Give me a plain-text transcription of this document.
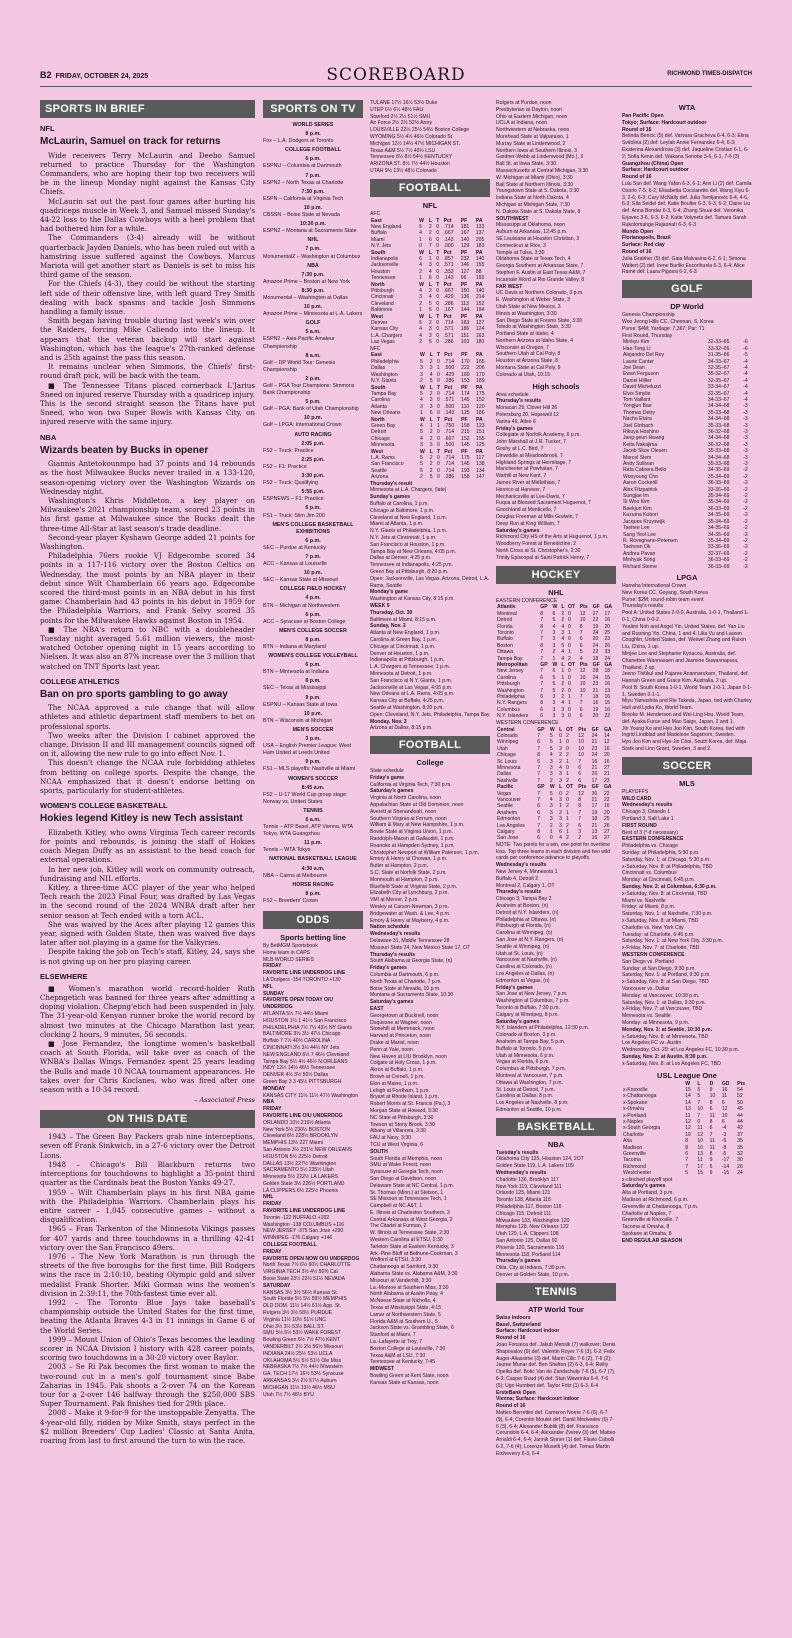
B2 FRIDAY, OCTOBER 24, 2025	SCOREBOARD	RICHMOND TIMES-DISPATCH
SPORTS IN BRIEF
NFL
McLaurin, Samuel on track for returns

Wide receivers Terry McLaurin and Deebo Samuel returned to practice Thursday for the Washington Commanders, who are hoping their top two receivers will be in the lineup Monday night against the Kansas City Chiefs.

McLaurin sat out the past four games after hurting his quadriceps muscle in Week 3, and Samuel missed Sunday's 44-22 loss to the Dallas Cowboys with a heel problem that had bothered him for a while.

The Commanders (3-4) already will be without quarterback Jayden Daniels, who has been ruled out with a hamstring issue suffered against the Cowboys. Marcus Mariota will get another start as Daniels is set to miss his third game of the season.

For the Chiefs (4-3), they could be without the starting left side of their offensive line, with left guard Trey Smith dealing with back spasms and tackle Josh Simmons handling a family issue.

Smith began having trouble during last week's win over the Raiders, forcing Mike Caliendo into the lineup. It appears that the veteran backup will start against Washington, which has the league's 27th-ranked defense and is 25th against the pass this season.

It remains unclear when Simmons, the Chiefs' first-round draft pick, will be back with the team.

■ The Tennessee Titans placed cornerback L'Jarius Sneed on injured reserve Thursday with a quadricep injury. This is the second straight season the Titans have put Sneed, who won two Super Bowls with Kansas City, on injured reserve with the same injury.

NBA
Wizards beaten by Bucks in opener

Giannis Antetokounmpo had 37 points and 14 rebounds as the host Milwaukee Bucks never trailed in a 133-120, season-opening victory over the Washington Wizards on Wednesday night.

Washington's Khris Middleton, a key player on Milwaukee's 2021 championship team, scored 23 points in his first game at Milwaukee since the Bucks dealt the three-time All-Star at last season's trade deadline.

Second-year player Kyshawn George added 21 points for Washington.

Philadelphia 76ers rookie VJ Edgecombe scored 34 points in a 117-116 victory over the Boston Celtics on Wednesday, the most points by an NBA player in their debut since Wilt Chamberlain 66 years ago. Edgecombe scored the third-most points in an NBA debut in his first game: Chamberlain had 43 points in his debut in 1959 for the Philadelphia Warriors, and Frank Selvy scored 35 points for the Milwaukee Hawks against Boston in 1954.

■ The NBA's return to NBC with a doubleheader Tuesday night averaged 5.61 million viewers, the most-watched October opening night in 15 years according to Nielsen. It was also an 87% increase over the 3 million that watched on TNT Sports last year.

COLLEGE ATHLETICS
Ban on pro sports gambling to go away

The NCAA approved a rule change that will allow athletes and athletic department staff members to bet on professional sports.

Two weeks after the Division I cabinet approved the change, Division II and III management councils signed off on it, allowing the new rule to go into effect Nov. 1.

This doesn't change the NCAA rule forbidding athletes from betting on college sports. Despite the change, the NCAA emphasized that it doesn't endorse betting on sports, particularly for student-athletes.

WOMEN'S COLLEGE BASKETBALL
Hokies legend Kitley is new Tech assistant

Elizabeth Kitley, who owns Virginia Tech career records for points and rebounds, is joining the staff of Hokies coach Megan Duffy as an assistant to the head coach for external operations.

In her new job, Kitley will work on community outreach, fundraising and NIL efforts.

Kitley, a three-time ACC player of the year who helped Tech reach the 2023 Final Four, was drafted by Las Vegas in the second round of the 2024 WNBA draft after her senior season at Tech ended with a torn ACL.

She was waived by the Aces after playing 12 games this year, signed with Golden State, then was waived five days later after not playing in a game for the Valkyries.

Despite taking the job on Tech's staff, Kitley, 24, says she is not giving up on her pro playing career.

ELSEWHERE

■ Women's marathon world record-holder Ruth Chepngetich was banned for three years after admitting a doping violation. Chepng'etich had been suspended in July. The 31-year-old Kenyan runner broke the world record by almost two minutes at the Chicago Marathon last year, clocking 2 hours, 9 minutes, 56 seconds.

■ Jose Fernandez, the longtime women's basketball coach at South Florida, will take over as coach of the WNBA's Dallas Wings. Fernandez spent 25 years leading the Bulls and made 10 NCAA tournament appearances. He takes over for Chris Koclanes, who was fired after one season with a 10-34 record.

– Associated Press
ON THIS DATE

1943 – The Green Bay Packers grab nine interceptions, seven off Frank Sinkwich, in a 27-6 victory over the Detroit Lions.

1948 – Chicago's Bill Blackburn returns two interceptions for touchdowns to highlight a 35-point third quarter as the Cardinals beat the Boston Yanks 49-27.

1959 – Wilt Chamberlain plays in his first NBA game with the Philadelphia Warriors. Chamberlain plays his entire career – 1,045 consecutive games – without a disqualification.

1965 – Fran Tarkenton of the Minnesota Vikings passes for 407 yards and three touchdowns in a thrilling 42-41 victory over the San Francisco 49ers.

1976 – The New York Marathon is run through the streets of the five boroughs for the first time. Bill Rodgers wins the race in 2:10:10, beating Olympic gold and silver medalist Frank Shorter. Miki Gorman wins the women's division in 2:39:11, the 70th-fastest time ever all.

1992 – The Toronto Blue Jays take baseball's championship outside the United States for the first time, beating the Atlanta Braves 4-3 in 11 innings in Game 6 of the World Series.

1999 – Mount Union of Ohio's Texas becomes the leading scorer in NCAA Division I history with 428 career points, scoring two touchdowns in a 30-20 victory over Baylor.

2003 – Se Ri Pak becomes the first woman to make the two-round cut in a men's golf tournament since Babe Zaharias in 1945. Pak shoots a 2-over 74 on the Korean tour for a 2-over 146 halfway through the $250,000 SBS Super Tournament. Pak finishes tied for 29th place.

2008 – Make it 9-for-9 for the unstoppable Zenyatta. The 4-year-old filly, ridden by Mike Smith, stays perfect in the $2 million Breeders' Cup Ladies' Classic at Santa Anita, roaring from last to first around the turn to win the race.

SPORTS ON TV
WORLD SERIES
8 p.m.
Fox – L.A. Dodgers at Toronto
COLLEGE FOOTBALL
6 p.m.
ESPNU – Columbia at Dartmouth
7 p.m.
ESPN2 – North Texas at Charlotte
7:30 p.m.
ESPN – California at Virginia Tech
10 p.m.
CBSSN – Boise State at Nevada
10:30 p.m.
ESPN2 – Montana at Sacramento State
NHL
7 p.m.
MonumentalZ – Washington at Columbus
NBA
7:30 p.m.
Amazon Prime – Boston at New York
8:30 p.m.
Monumental – Washington at Dallas
10 p.m.
Amazon Prime – Minnesota at L.A. Lakers
GOLF
5 a.m.
ESPN2 – Asia-Pacific Amateur Championship
8 a.m.
Golf – DP World Tour: Genesis Championship
2 p.m.
Golf – PGA Tour Champions: Simmons Bank Championship
5 p.m.
Golf – PGA: Bank of Utah Championship
10 p.m.
Golf – LPGA: International Crown
AUTO RACING
2:05 p.m.
FS2 – Truck: Practice
2:25 p.m.
FS2 – F1: Practice
3:30 p.m.
FS2 – Truck: Qualifying
5:55 p.m.
ESPNEWS – F1: Practice
6 p.m.
FS1 – Truck: Slim Jim 200
MEN'S COLLEGE BASKETBALL EXHIBITIONS
6 p.m.
SEC – Purdue at Kentucky
7 p.m.
ACC – Kansas at Louisville
10 p.m.
SEC – Kansas State at Missouri
COLLEGE FIELD HOCKEY
4 p.m.
BTN – Michigan at Northwestern
6 p.m.
ACC – Syracuse at Boston College
MEN'S COLLEGE SOCCER
8 p.m.
BTN – Indiana at Maryland
WOMEN'S COLLEGE VOLLEYBALL
6 p.m.
BTN – Minnesota at Indiana
8 p.m.
SEC – Texas at Mississippi
9 p.m.
ESPNU – Kansas State at Iowa
10 p.m.
BTN – Wisconsin at Michigan
MEN'S SOCCER
3 p.m.
USA – English Premier League: West Ham United at Leeds United
9 p.m.
FS1 – MLS playoffs: Nashville at Miami
WOMEN'S SOCCER
8:45 a.m.
FS2 – U-17 World Cup group stage: Norway vs. United States
TENNIS
6 a.m.
Tennis – ATP Basel, ATP Vienna, WTA Tokyo, WTA Guangzhou
11 p.m.
Tennis – WTA Tokyo
NATIONAL BASKETBALL LEAGUE
4:30 a.m.
NBA – Cairns at Melbourne
HORSE RACING
8 p.m.
FS2 – Breeders' Crown
ODDS
Sports betting line
By BetMGM Sportsbook
Home team in CAPS
MLB WORLD SERIES
FRIDAY
FAVORITE LINE UNDERDOG LINE
LA Dodgers -154 TORONTO +130
NFL
SUNDAY
FAVORITE OPEN TODAY O/U UNDERDOG
ATLANTA 5½ 7½ 44½ Miami
HOUSTON 1½ 1 41½ San Francisco
PHILADELPHIA 7½ 7½ 43½ NY Giants
BALTIMORE 3½ 3½ 47½ Chicago
Buffalo 7 7½ 40½ CAROLINA
CINCINNATI 3½ 3½ 44½ NY Jets
NEW ENGLAND 6½ 7 46½ Cleveland
Tampa Bay 5½ 4½ 46½ N.ORLEANS
INDY 12½ 14½ 46½ Tennessee
DENVER 4½ 3½ 50½ Dallas
Green Bay 3 3 45½ PITTSBURGH
MONDAY
KANSAS CITY 11½ 11½ 47½ Washington
NBA
FRIDAY
FAVORITE LINE O/U UNDERDOG
ORLANDO 10½ 219½ Atlanta
New York 5½ 230½ BOSTON
Cleveland 6½ 228½ BROOKLYN
MEMPHIS 13½ 227 Miami
San Antonio 3½ 231½ NEW ORLEANS
HOUSTON 5½ 225½ Detroit
DALLAS 13½ 227½ Washington
SACRAMENTO 5½ 235½ Utah
Minnesota 5½ 222½ LA LAKERS
Golden State 3½ 226½ PORTLAND
LA CLIPPERS 6½ 225½ Phoenix
NHL
FRIDAY
FAVORITE LINE UNDERDOG LINE
Toronto -122 BUFFALO +102
Washington -138 COLUMBUS +116
NEW JERSEY -375 San Jose +290
WINNIPEG -176 Calgary +146
COLLEGE FOOTBALL
FRIDAY
FAVORITE OPEN NOW O/U UNDERDOG
North Texas 7½ 6½ 60½ CHARLOTTE
VIRGINIA TECH 3½ 4½ 50½ Cal
Boise State 23½ 23½ 51½ NEVADA
SATURDAY
KANSAS 3½ 3½ 56½ Kansas St.
South Florida 5½ 5½ 59½ MEMPHIS
OLD DOM. 11½ 14½ 61½ App. St.
Rutgers 3½ 3½ 58½ PURDUE
Virginia 11½ 10½ 51½ UNC
Ohio 3½ 3½ 53½ BALL ST.
SMU 5½ 5½ 53½ WAKE FOREST
Bowling Green 6½ 7½ 47½ KENT
VANDERBILT 2½ 2½ 56½ Missouri
INDIANA 24½ 25½ 53½ UCLA
OKLAHOMA 5½ 5½ 51½ Ole Miss
NEBRASKA 7½ 7½ 44½ N'western
GA. TECH 17½ 16½ 53½ Syracuse
ARKANSAS 3½ 2½ 57½ Auburn
MICHIGAN 11½ 13½ 46½ MSU
Utah 7½ 7½ 48½ BYU
TULANE 17½ 16½ 53½ Duke
UTEP 6½ 6½ 48½ FAU
Stanford 2½ 2½ 51½ SMU
Air Force 2½ 2½ 52½ Army
LOUISVILLE 22½ 25½ 54½ Boston College
WYOMING 5½ 4½ 46½ Colorado St.
Michigan 12½ 14½ 47½ MICHIGAN ST.
Texas A&M 5½ 7½ 49½ LSU
Tennessee 8½ 8½ 54½ KENTUCKY
ARIZONA ST. 8½ 7½ 44½ Houston
UTAH 9½ 13½ 48½ Colorado
FOOTBALL
NFL
AFC
East	W	L	T	Pct	PF	PA
New England	5	2	0	.714	181	133
Buffalo	4	2	0	.667	167	137
Miami	1	6	0	.143	140	205
N.Y. Jets	0	7	0	.000	129	183
South	W	L	T	Pct	PF	PA
Indianapolis	6	1	0	.857	232	140
Jacksonville	4	3	0	.571	146	155
Houston	2	4	0	.333	127	88
Tennessee	1	6	0	.143	96	192
North	W	L	T	Pct	PF	PA
Pittsburgh	4	2	0	.667	150	140
Cincinnati	3	4	0	.429	136	214
Cleveland	2	5	0	.286	113	152
Baltimore	1	5	0	.167	144	194
West	W	L	T	Pct	PF	PA
Denver	5	2	0	.714	163	127
Kansas City	4	3	0	.571	186	124
L.A. Chargers	4	3	0	.571	151	163
Las Vegas	2	5	0	.286	103	180
NFC
East	W	L	T	Pct	PF	PA
Philadelphia	5	2	0	.714	170	165
Dallas	3	3	1	.500	222	206
Washington	3	4	0	.429	180	170
N.Y. Giants	2	5	0	.286	153	189
South	W	L	T	Pct	PF	PA
Tampa Bay	5	2	0	.714	174	175
Carolina	4	3	0	.571	145	152
Atlanta	3	3	0	.500	110	120
New Orleans	1	6	0	.143	125	186
North	W	L	T	Pct	PF	PA
Green Bay	4	1	1	.750	158	123
Detroit	5	2	0	.714	215	151
Chicago	4	2	0	.667	152	155
Minnesota	3	3	0	.500	145	125
West	W	L	T	Pct	PF	PA
L.A. Rams	5	2	0	.714	175	117
San Francisco	5	2	0	.714	145	138
Seattle	5	2	0	.714	193	134
Arizona	2	5	0	.286	158	147
Thursday's result
Minnesota at L.A. Chargers, (late)
Sunday's games
Buffalo at Carolina, 1 p.m.
Chicago at Baltimore, 1 p.m.
Cleveland at New England, 1 p.m.
Miami at Atlanta, 1 p.m.
N.Y. Giants at Philadelphia, 1 p.m.
N.Y. Jets at Cincinnati, 1 p.m.
San Francisco at Houston, 1 p.m.
Tampa Bay at New Orleans, 4:05 p.m.
Dallas at Denver, 4:25 p.m.
Tennessee at Indianapolis, 4:25 p.m.
Green Bay at Pittsburgh, 8:20 p.m.
Open: Jacksonville, Las Vegas, Arizona, Detroit, L.A. Rams, Seattle
Monday's game
Washington at Kansas City, 8:15 p.m.
WEEK 9
Thursday, Oct. 30
Baltimore at Miami, 8:15 p.m.
Sunday, Nov. 2
Atlanta at New England, 1 p.m.
Carolina at Green Bay, 1 p.m.
Chicago at Cincinnati, 1 p.m.
Denver at Houston, 1 p.m.
Indianapolis at Pittsburgh, 1 p.m.
L.A. Chargers at Tennessee, 1 p.m.
Minnesota at Detroit, 1 p.m.
San Francisco at N.Y. Giants, 1 p.m.
Jacksonville at Las Vegas, 4:05 p.m.
New Orleans at L.A. Rams, 4:05 p.m.
Kansas City at Buffalo, 4:25 p.m.
Seattle at Washington, 8:20 p.m.
Open: Cleveland, N.Y. Jets, Philadelphia, Tampa Bay
Monday, Nov. 3
Arizona at Dallas, 8:15 p.m.
FOOTBALL
College
State schedule
Friday's game
California at Virginia Tech, 7:30 p.m.
Saturday's games
Virginia at North Carolina, noon
Appalachian State at Old Dominion, noon
Averett at Shenandoah, noon
Southern Virginia at Ferrum, noon
William & Mary at New Hampshire, 1 p.m.
Bowie State at Virginia Union, 1 p.m.
Randolph-Macon at Gallaudet, 1 p.m.
Roanoke at Hampden-Sydney, 1 p.m.
Christopher Newport at William Paterson, 1 p.m.
Emory & Henry at Chowan, 1 p.m.
Butler at Hampton, 2 p.m.
S.C. State at Norfolk State, 2 p.m.
Monmouth at Hampton, 2 p.m.
Bluefield State at Virginia State, 2 p.m.
Elizabeth City at Lynchburg, 2 p.m.
VMI at Mercer, 2 p.m.
Wesley at Carson-Newman, 3 p.m.
Bridgewater at Wash. & Lee, 4 p.m.
Emory & Henry at Mayberry, 4 p.m.
Nation schedule
Wednesday's results
Delaware 31, Middle Tennessee 28
Missouri State 24, New Mexico State 17, OT
Thursday's results
South Alabama at Georgia State, (n)
Friday's games
Columbia at Dartmouth, 6 p.m.
North Texas at Charlotte, 7 p.m.
Boise State at Nevada, 10 p.m.
Montana at Sacramento State, 10:30
Saturday's games
EAST
Georgetown at Bucknell, noon
Duquesne at Wagner, noon
Stonehill at Merrimack, noon
Harvard at Princeton, noon
Drake at Marist, noon
Penn at Yale, noon
New Haven at LIU Brooklyn, noon
Colgate at Holy Cross, 1 p.m.
Akron at Buffalo, 1 p.m.
Brown at Cornell, 1 p.m.
Elon at Maine, 1 p.m.
Lehigh at Fordham, 1 p.m.
Bryant at Rhode Island, 1 p.m.
Robert Morris at St. Francis (Pa.), 3
Morgan State at Howard, 3:30
NC State at Pittsburgh, 3:30
Towson at Stony Brook, 3:30
Albany at Villanova, 3:30
FAU at Navy, 3:30
TCU at West Virginia, 6
SOUTH
South Florida at Memphis, noon
SMU at Wake Forest, noon
Syracuse at Georgia Tech, noon
San Diego at Davidson, noon
Delaware State at NC Central, 1 p.m.
St. Thomas (Minn.) at Stetson, 1
SE Missouri at Tennessee Tech, 1
Campbell at NC A&T, 1
E. Illinois at Charleston Southern, 2
Central Arkansas at West Georgia, 2
The Citadel at Furman, 2
W. Illinois at Tennessee State, 2:30
Western Carolina at ETSU, 2:30
Tarleton State at Eastern Kentucky, 3
Ark.-Pine Bluff at Bethune-Cookman, 3
Wofford at ETSU, 3:30
Chattanooga at Samford, 3:30
Alabama State vs. Alabama A&M, 3:30
Missouri at Vanderbilt, 3:30
La.-Monroe at Southern Miss, 3:30
North Alabama at Austin Peay, 4
McNeese State at Nicholls, 4
Texas at Mississippi State, 4:15
Lamar at Northwestern State, 5
Florida A&M at Southern U., 5
Jackson State vs. Grambling State, 6
Stanford at Miami, 7
La.-Lafayette at Troy, 7
Boston College at Louisville, 7:30
Texas A&M at LSU, 7:30
Tennessee at Kentucky, 7:45
MIDWEST
Bowling Green at Kent State, noon
Kansas State at Kansas, noon
Rutgers at Purdue, noon
Presbyterian at Dayton, noon
Ohio at Eastern Michigan, noon
UCLA at Indiana, noon
Northwestern at Nebraska, noon
Morehead State at Valparaiso, 1
Murray State at Lindenwood, 2
Northern Iowa at Southern Illinois, 3
Gardner-Webb at Lindenwood (Mo.), 3
Ball St. at Iowa State, 3:30
Massachusetts at Central Michigan, 3:30
W. Michigan at Miami (Ohio), 3:30
Ball State at Northern Illinois, 3:30
Youngstown State at S. Dakota, 3:30
Indiana State at North Dakota, 4
Michigan at Michigan State, 7:30
N. Dakota State at S. Dakota State, 8
SOUTHWEST
Mississippi at Oklahoma, noon
Auburn at Arkansas, 12:45 p.m.
SE Louisiana at Houston Christian, 3
Connecticut at Rice, 3
Temple at Tulsa, 3:30
Oklahoma State at Texas Tech, 4
Georgia Southern at Arkansas State, 7
Stephen F. Austin at East Texas A&M, 7
Incarnate Word at Rio Grande Valley, 8
FAR WEST
UC Davis at Northern Colorado, 3 p.m.
E. Washington at Weber State, 3
Utah State at New Mexico, 3
Illinois at Washington, 3:30
San Diego State at Fresno State, 3:30
Toledo at Washington State, 3:30
Portland State at Idaho, 4
Northern Arizona at Idaho State, 4
Wisconsin at Oregon, 7
Southern Utah at Cal Poly, 8
Houston at Arizona State, 8
Montana State at Cal Poly, 9
Colorado at Utah, 10:15
High schools
Area schedule
Thursday's results
Monacan 29, Clover Hill 26
Petersburg 20, Hopewell 12
Varina 49, Atlee 6
Friday's games
Collegiate at Norfolk Academy, 6 p.m.
John Marshall at J.R. Tucker, 7
Goshy at L.C. Bird, 7
Dinwiddie at Meadowbrook, 7
Highland Springs at Hermitage, 7
Manchester at Powhatan, 7
Warhill at New Kent, 7
James River at Midlothian, 7
Henrico at Hanover, 7
Mechanicsville at Lee-Davis, 7
Fuqua at Blessed Sacrament Huguenot, 7
Goochland at Monticello, 7
Douglas Freeman at Mills Godwin, 7
Deep Run at King William, 7
Saturday's games
Richmond City HS of the Arts at Huguenot, 1 p.m.
Woodberry Forest at Benedictine, 2
North Cross at St. Christopher's, 2:30
Trinity Episcopal at Saint Patrick Henry, 7
HOCKEY
NHL
EASTERN CONFERENCE
Atlantic	GP	W	L	OT	Pts	GF	GA
Montreal	8	6	2	0	12	27	17
Detroit	7	5	2	0	10	22	16
Florida	8	4	4	0	8	19	20
Toronto	7	3	3	1	7	24	25
Buffalo	7	3	4	0	6	20	23
Boston	8	3	5	0	6	24	26
Ottawa	7	2	4	1	5	22	33
Tampa Bay	7	1	4	2	4	18	24
Metropolitan	GP	W	L	OT	Pts	GF	GA
New Jersey	7	6	1	0	12	28	18
Carolina	6	5	1	0	10	24	15
Pittsburgh	7	5	2	0	10	23	16
Washington	7	5	2	0	10	21	13
Philadelphia	6	3	2	1	7	18	16
N.Y. Rangers	8	3	4	1	7	16	15
Columbus	6	3	3	0	6	19	16
N.Y. Islanders	6	3	3	0	6	20	22
WESTERN CONFERENCE
Central	GP	W	L	OT	Pts	GF	GA
Colorado	7	5	0	2	12	24	14
Winnipeg	6	5	1	0	10	21	12
Utah	7	5	2	0	10	23	16
Chicago	8	4	2	2	10	24	20
St. Louis	6	3	2	1	7	16	16
Minnesota	7	3	4	0	6	21	27
Dallas	7	3	3	1	6	20	21
Nashville	7	2	3	2	6	17	23
Pacific	GP	W	L	OT	Pts	GF	GA
Vegas	7	5	0	2	12	30	22
Vancouver	7	4	3	0	8	21	22
Seattle	6	3	1	2	8	17	16
Anaheim	6	3	2	1	7	19	20
Edmonton	7	3	3	1	7	18	25
Los Angeles	7	2	3	2	6	21	26
Calgary	8	1	6	1	3	13	27
San Jose	6	0	4	2	2	16	27
NOTE: Two points for a win, one point for overtime loss. Top three teams in each division and two wild cards per conference advance to playoffs.
Wednesday's results
New Jersey 4, Minnesota 1
Buffalo 4, Detroit 2
Montreal 2, Calgary 1, OT
Thursday's results
Chicago 3, Tampa Bay 2
Anaheim at Boston, (n)
Detroit at N.Y. Islanders, (n)
Philadelphia at Ottawa, (n)
Pittsburgh at Florida, (n)
Carolina at Winnipeg, (n)
San Jose at N.Y. Rangers, (n)
Seattle at Winnipeg, (n)
Utah at St. Louis, (n)
Vancouver at Nashville, (n)
Carolina at Colorado, (n)
Los Angeles at Dallas, (n)
Edmonton at Vegas, (n)
Friday's games
San Jose at New Jersey, 7 p.m.
Washington at Columbus, 7 p.m.
Toronto at Buffalo, 7:30 p.m.
Calgary at Winnipeg, 8 p.m.
Saturday's games
N.Y. Islanders at Philadelphia, 12:30 p.m.
Colorado at Boston, 3 p.m.
Anaheim at Tampa Bay, 5 p.m.
Buffalo at Toronto, 5 p.m.
Utah at Minnesota, 6 p.m.
Vegas at Florida, 6 p.m.
Columbus at Pittsburgh, 7 p.m.
Montreal at Vancouver, 7 p.m.
Ottawa at Washington, 7 p.m.
St. Louis at Detroit, 7 p.m.
Carolina at Dallas, 8 p.m.
Los Angeles at Nashville, 8 p.m.
Edmonton at Seattle, 10 p.m.
BASKETBALL
NBA
Tuesday's results
Oklahoma City 125, Houston 124, 2OT
Golden State 119, L.A. Lakers 109
Wednesday's results
Charlotte 136, Brooklyn 117
New York 119, Cleveland 111
Orlando 125, Miami 121
Toronto 138, Atlanta 118
Philadelphia 117, Boston 116
Chicago 115, Detroit 111
Milwaukee 133, Washington 120
Memphis 128, New Orleans 122
Utah 129, L.A. Clippers 108
San Antonio 125, Dallas 92
Phoenix 120, Sacramento 116
Minnesota 118, Portland 114
Thursday's games
Okla. City at Indiana, 7:30 p.m.
Denver at Golden State, 10 p.m.
TENNIS
ATP World Tour
Swiss Indoors
Basel, Switzerland
Surface: Hardcourt indoor
Round of 16
Joao Fonseca def. Jakub Mensik (7) walkover; Denis Shapovalov (9) def. Valentin Royer 7-6 (3), 6-2; Felix Auger-Aliassime (3) def. Marin Cilic 7-6 (2), 7-6 (2); Jaume Munar def. Ben Shelton (2) 6-3, 6-4; Reilly Opelka def. Botic Van de Zandschulp 7-6 (5), 6-7 (7), 6-3; Casper Ruud (4) def. Stan Wawrinka 6-4, 7-6 (5); Ugo Humbert def. Taylor Fritz (1) 6-3, 6-4
ErsteBank Open
Vienna; Surface: Hardcourt indoor
Round of 16
Matteo Berrettini def. Cameron Norrie 7-6 (6), 6-7 (9), 6-4; Corentin Moutet def. Daniil Medvedev (6) 7-6 (3), 6-4; Alexander Bublik (8) def. Francisco Cerundolo 6-4, 6-4; Alexander Zverev (3) def. Matteo Arnaldi 6-4, 6-4; Jannik Sinner (1) def. Flavio Cobolli 6-2, 7-6 (4); Lorenzo Musetti (4) def. Tomas Martin Etcheverry 6-3, 6-4
WTA
Pan Pacific Open
Tokyo; Surface: Hardcourt outdoor
Round of 16
Belinda Bencic (5) def. Varvara Gracheva 6-4, 6-3; Elina Svitolina (2) def. Leylah Annie Fernandez 6-4, 6-3; Ekaterina Alexandrova (3) def. Jaqueline Cristian 6-1, 6-2; Sofia Kenin def. Wakana Sonobe 3-6, 6-1, 7-6 (3)
Guangzhou (China) Open
Surface: Hardcourt outdoor
Round of 16
Lulu Sun def. Wang Yafan 6-3, 6-1; Ann Li (2) def. Camila Osorio 7-5, 6-2; Elisabetta Cocciaretto def. Wang Xiyu 6-3, 2-6, 6-3; Cary McNally def. Julia Tomljanovic 6-4, 4-6, 6-3; Ella Seidel def. Katie Boulter 6-3, 6-3, 6-2; Claire Liu def. Anna Bondar 6-3, 6-4; Zhang Shuai def. Veronika Erjavec 3-6, 6-3, 6-2; Katie Volynets def. Tamara Sarah Rakotomanga Rajaonah 6-3, 6-3
Mundo Open
Florianopolis, Brazil
Surface: Red clay
Round of 16
Julia Grabher (5) def. Gaia Malvasina 6-2, 6-1; Simona Waltert (2) def. Irene Burillo Escorihuela 6-3, 6-4; Alice Ramé def. Laura Pigossi 6-2, 6-3
GOLF
DP World
Genesis Championship
Woo Jeong Hills CC, Cheonan, S. Korea
Purse: $4M; Yardage: 7,367; Par: 71
First Round, Thursday
Minkyu Kim	32-33–65	-6
Hao-Tong Li	33-32–65	-6
Alejandro Del Rey	31-35–66	-5
Laurie Canter	34-33–67	-4
Joe Dean	32-35–67	-4
Ewen Ferguson	35-32–67	-4
Daniel Hillier	32-35–67	-4
David Micheluzzi	33-34–67	-4
Elvis Smylie	32-35–67	-4
Tom Vaillant	34-33–67	-4
Yongjun Bae	34-34–68	-3
Thomas Detry	35-33–68	-3
Nacho Elvira	34-34–68	-3
Joel Girrbach	35-33–68	-3
Rikuya Hoshino	36-32–68	-3
Jang-geun Hwang	34-34–68	-3
Keita Nakajima	36-32–68	-3
Jacob Skov Olesen	35-33–68	-3
Marcel Siem	34-34–68	-3
Andy Sullivan	35-33–68	-3
Rafa Cabrera Bello	34-35–69	-2
Wooyoung Cho	35-34–69	-2
Aaron Cockerill	36-33–69	-2
Alex Fitzpatrick	33-36–69	-2
Sungjae Im	35-34–69	-2
Si Woo Kim	35-34–69	-2
Baekjun Kim	36-33–69	-2
Kazuma Kobori	34-35–69	-2
Jacques Kruyswijk	35-34–69	-2
Taehee Lee	34-35–69	-2
Sang Yeol Lee	34-35–69	-2
R. Rovegnano-Petersen	35-34–69	-2
Taehoon Ok	33-36–69	-2
Andrea Pavan	32-37–69	-2
Minhyuk Song	36-33–69	-2
Richard Sterne	36-33–69	-2
LPGA
Hanwha International Crown
New Korea CC, Goyang, South Korea
Purse: $2M; round-robin team event
Thursday's results
Pool A: United States 2-0-0, Australia, 1-0-1, Thailand 1-0-1, China 0-0-2.
Yealimi Noh and Angel Yin, United States, def. Yan Liu and Ruoning Yin, China, 1 and 4. Lilia Vu and Lauren Coughlin, United States, def. Weiwei Zhang and Ruixin Liu, China, 1 up.
Minjee Lee and Stephanie Kyriacou, Australia, def. Chanettee Wannasaen and Jasmine Suwannapura, Thailand, 2 up.
Jeeno Thitikul and Pajaree Anannarukarn, Thailand, def. Hannah Green and Grace Kim, Australia, 2 up.
Pool B: South Korea 1-0-1, World Team 1-0-1, Japan 0-1-1, Sweden 0-1-1.
Miyu Yamashita and Rio Takeda, Japan, tied with Charley Hull and Lydia Ko, World Team.
Brooke M. Henderson and Wei-Ling Hsu, World Team, def. Ayaka Furue and Mao Saigo, Japan, 2 and 1.
Jin Young Ko and Hyo Joo Kim, South Korea, tied with Ingrid Lindblad and Madelene Sagstrom, Sweden.
Hyo Joo Kim and Hye-Jin Choi, South Korea, def. Maja Stark and Linn Grant, Sweden, 3 and 2.
SOCCER
MLS
PLAYOFFS
WILD CARD
Wednesday's results
Chicago 3, Orlando 1
Portland 3, Salt Lake 1
FIRST ROUND
Best of 3 (*-if necessary)
EASTERN CONFERENCE
Philadelphia vs. Chicago
Sunday: at Philadelphia, 5:30 p.m.
Saturday, Nov. 1: at Chicago, 5:30 p.m.
x-Saturday, Nov. 8: at Philadelphia, TBD
Cincinnati vs. Columbus
Monday: at Cincinnati, 6:45 p.m.
Sunday, Nov. 2: at Columbus, 6:30 p.m.
x-Saturday, Nov. 8: at Cincinnati, TBD
Miami vs. Nashville
Friday: at Miami, 8 p.m.
Saturday, Nov. 1: at Nashville, 7:30 p.m.
x-Saturday, Nov. 8: at Miami, TBD
Charlotte vs. New York City
Tuesday: at Charlotte, 6:45 p.m.
Saturday, Nov. 1: at New York City, 3:30 p.m.
x-Friday, Nov. 7: at Charlotte, TBD
WESTERN CONFERENCE
San Diego vs. Portland
Sunday: at San Diego, 9:30 p.m.
Saturday, Nov. 1: at Portland, 9:30 p.m.
x-Saturday, Nov. 8: at San Diego, TBD
Vancouver vs. Dallas
Monday: at Vancouver, 10:30 p.m.
Saturday, Nov. 1: at Dallas, 9:30 p.m.
x-Friday, Nov. 7: at Vancouver, TBD
Minnesota vs. Seattle
Monday: at Minnesota, 9 p.m.
Monday, Nov. 3: at Seattle, 10:30 p.m.
x-Saturday, Nov. 8: at Minnesota, TBD
Los Angeles FC vs. Austin
Wednesday, Oct. 29: at Los Angeles FC, 10:30 p.m.
Sunday, Nov. 2: at Austin, 8:30 p.m.
x-Saturday, Nov. 8: at Los Angeles FC, TBD
USL League One
	W	L	D	GD	Pts
x-Knoxville	15	5	9	16	54
x-Chattanooga	14	5	10	11	52
x-Spokane	14	7	8	6	50
x-Omaha	13	10	6	12	45
x-Portland	11	7	11	10	44
x-Naples	12	0	8	6	44
x-South Georgia	12	11	6	-4	42
Charlotte	10	12	7	-3	37
Alta	8	10	11	-5	35
Madison	8	10	11	-8	35
Greenville	6	13	8	-5	32
Tacoma	7	11	9	-17	30
Richmond	7	17	5	-14	26
Westchester	5	15	9	-15	24
x-clinched playoff spot
Saturday's games
Alta at Portland, 3 p.m.
Madison at Richmond, 6 p.m.
Greenville at Chattanooga, 7 p.m.
Charlotte at Naples, 7
Greenville at Knoxville, 7
Tacoma at Omaha, 8
Spokane at Omaha, 8
END REGULAR SEASON
